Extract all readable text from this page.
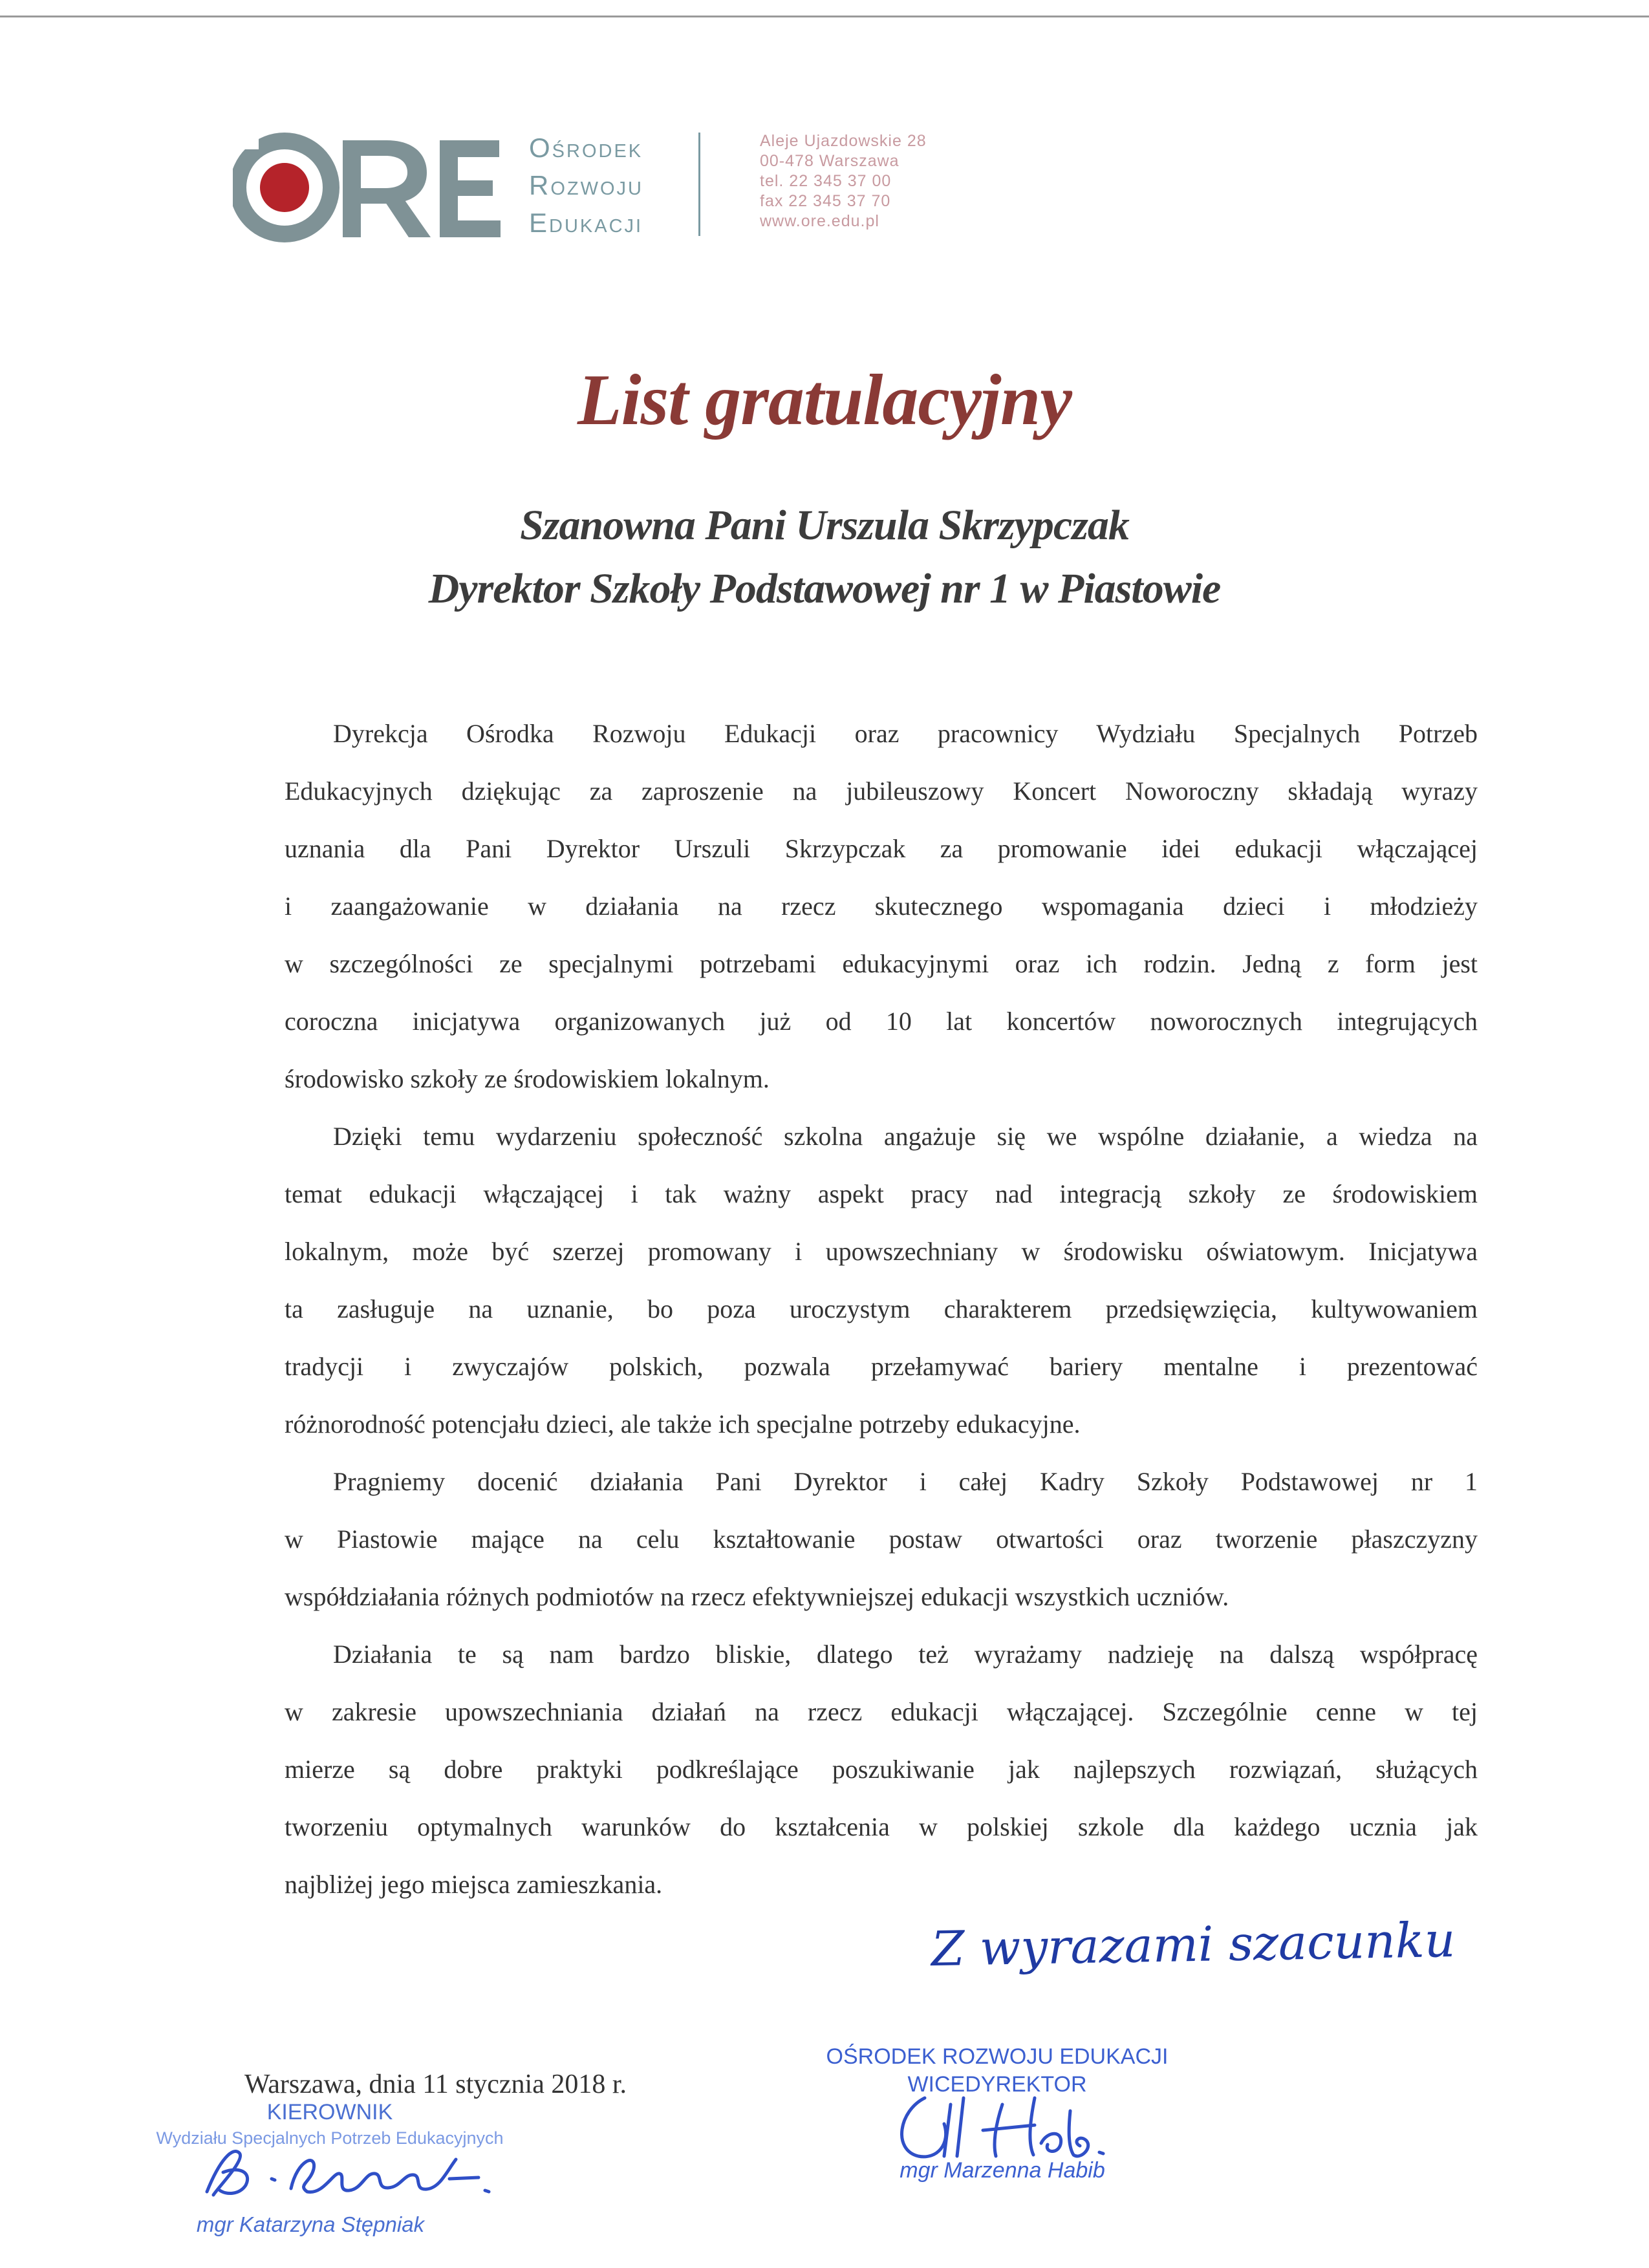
Ośrodek
Rozwoju
Edukacji
Aleje Ujazdowskie 28
00-478 Warszawa
tel. 22 345 37 00
fax 22 345 37 70
www.ore.edu.pl
List gratulacyjny
Szanowna Pani Urszula Skrzypczak
Dyrektor Szkoły Podstawowej nr 1 w Piastowie
Dyrekcja Ośrodka Rozwoju Edukacji oraz pracownicy Wydziału Specjalnych Potrzeb
Edukacyjnych dziękując za zaproszenie na jubileuszowy Koncert Noworoczny składają wyrazy
uznania dla Pani Dyrektor Urszuli Skrzypczak za promowanie idei edukacji włączającej
i zaangażowanie w działania na rzecz skutecznego wspomagania dzieci i młodzieży
w szczególności ze specjalnymi potrzebami edukacyjnymi oraz ich rodzin. Jedną z form jest
coroczna inicjatywa organizowanych już od 10 lat koncertów noworocznych integrujących
środowisko szkoły ze środowiskiem lokalnym.
Dzięki temu wydarzeniu społeczność szkolna angażuje się we wspólne działanie, a wiedza na
temat edukacji włączającej i tak ważny aspekt pracy nad integracją szkoły ze środowiskiem
lokalnym, może być szerzej promowany i upowszechniany w środowisku oświatowym. Inicjatywa
ta zasługuje na uznanie, bo poza uroczystym charakterem przedsięwzięcia, kultywowaniem
tradycji i zwyczajów polskich, pozwala przełamywać bariery mentalne i prezentować
różnorodność potencjału dzieci, ale także ich specjalne potrzeby edukacyjne.
Pragniemy docenić działania Pani Dyrektor i całej Kadry Szkoły Podstawowej nr 1
w Piastowie mające na celu kształtowanie postaw otwartości oraz tworzenie płaszczyzny
współdziałania różnych podmiotów na rzecz efektywniejszej edukacji wszystkich uczniów.
Działania te są nam bardzo bliskie, dlatego też wyrażamy nadzieję na dalszą współpracę
w zakresie upowszechniania działań na rzecz edukacji włączającej. Szczególnie cenne w tej
mierze są dobre praktyki podkreślające poszukiwanie jak najlepszych rozwiązań, służących
tworzeniu optymalnych warunków do kształcenia w polskiej szkole dla każdego ucznia jak
najbliżej jego miejsca zamieszkania.
Z wyrazami szacunku
Warszawa, dnia 11 stycznia 2018 r.
KIEROWNIK
Wydziału Specjalnych Potrzeb Edukacyjnych
mgr Katarzyna Stępniak
OŚRODEK ROZWOJU EDUKACJI
WICEDYREKTOR
mgr Marzenna Habib
